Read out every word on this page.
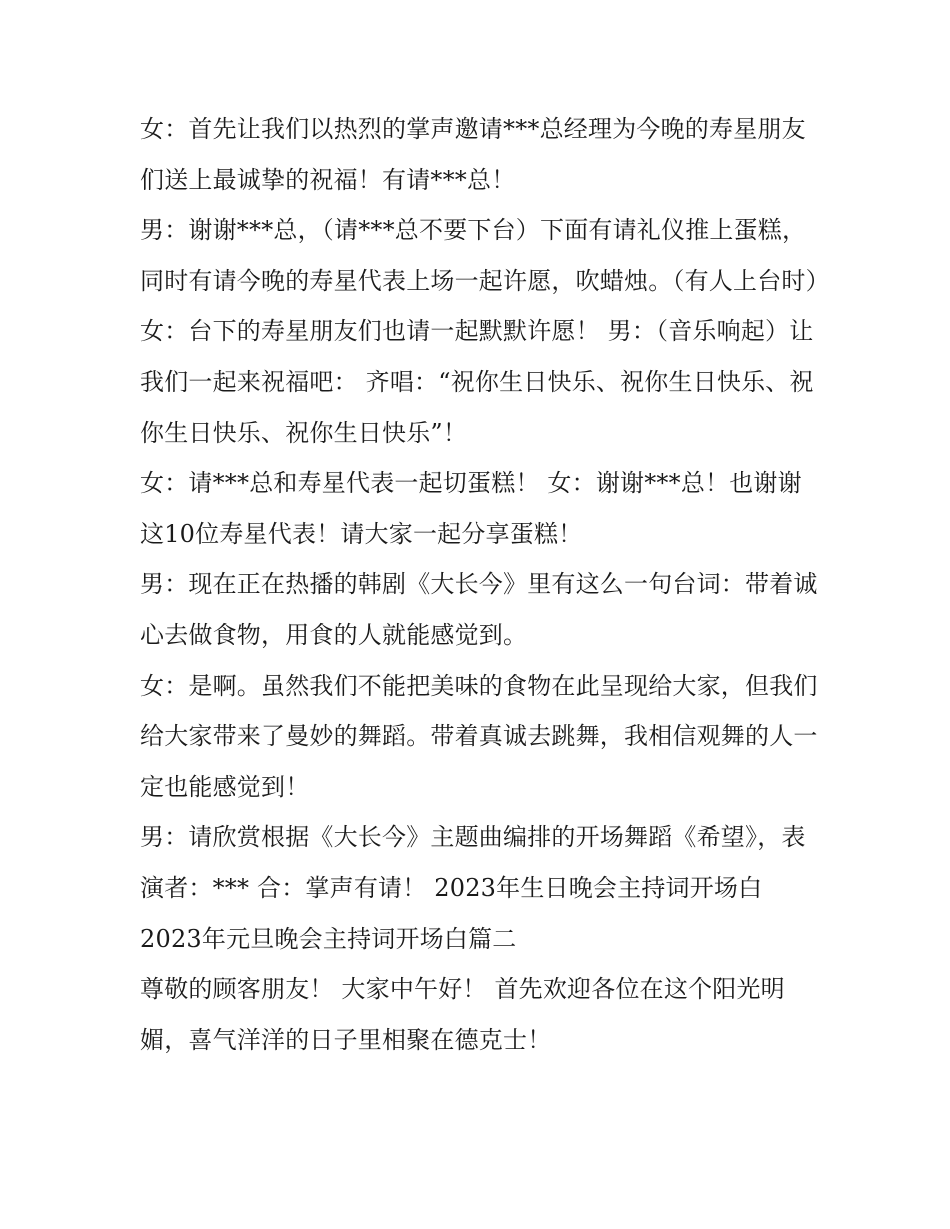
女：首先让我们以热烈的掌声邀请***总经理为今晚的寿星朋友们送上最诚挚的祝福！有请***总！

男：谢谢***总，（请***总不要下台）下面有请礼仪推上蛋糕，同时有请今晚的寿星代表上场一起许愿，吹蜡烛。（有人上台时）

女：台下的寿星朋友们也请一起默默许愿！ 男：（音乐响起）让我们一起来祝福吧： 齐唱：“祝你生日快乐、祝你生日快乐、祝你生日快乐、祝你生日快乐”！

女：请***总和寿星代表一起切蛋糕！ 女：谢谢***总！也谢谢这10位寿星代表！请大家一起分享蛋糕！

男：现在正在热播的韩剧《大长今》里有这么一句台词：带着诚心去做食物，用食的人就能感觉到。

女：是啊。虽然我们不能把美味的食物在此呈现给大家，但我们给大家带来了曼妙的舞蹈。带着真诚去跳舞，我相信观舞的人一定也能感觉到！

男：请欣赏根据《大长今》主题曲编排的开场舞蹈《希望》，表演者：*** 合：掌声有请！ 2023年生日晚会主持词开场白

2023年元旦晚会主持词开场白篇二

尊敬的顾客朋友！ 大家中午好！ 首先欢迎各位在这个阳光明媚，喜气洋洋的日子里相聚在德克士！
